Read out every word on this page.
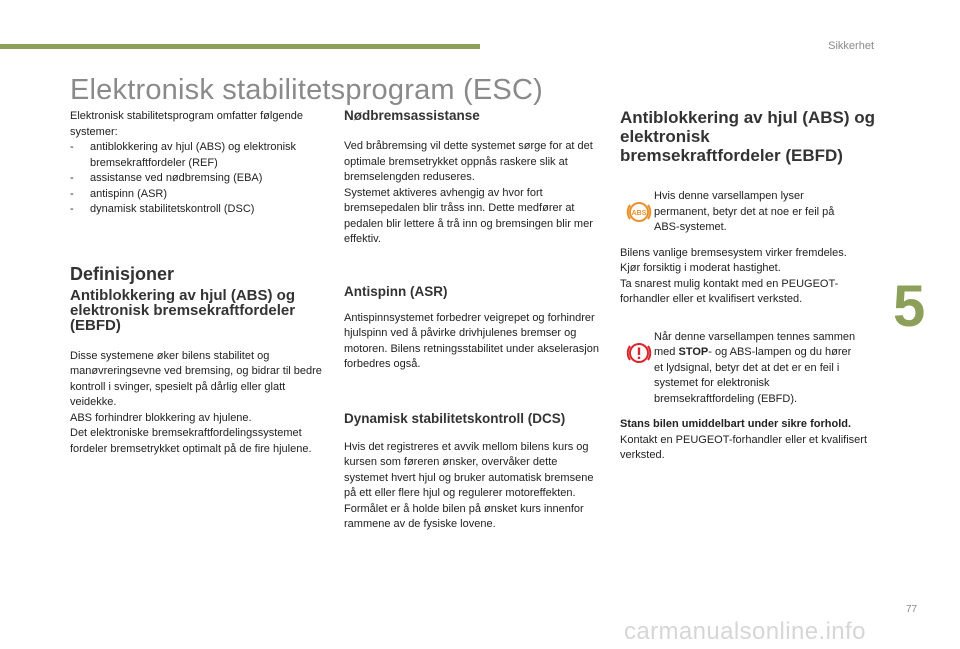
Sikkerhet
5
Elektronisk stabilitetsprogram (ESC)

Elektronisk stabilitetsprogram omfatter følgende systemer:

- antiblokkering av hjul (ABS) og elektronisk bremsekraftfordeler (REF)
- assistanse ved nødbremsing (EBA)
- antispinn (ASR)
- dynamisk stabilitetskontroll (DSC)
Definisjoner
Antiblokkering av hjul (ABS) og elektronisk bremsekraftfordeler (EBFD)

Disse systemene øker bilens stabilitet og manøvreringsevne ved bremsing, og bidrar til bedre kontroll i svinger, spesielt på dårlig eller glatt veidekke.

ABS forhindrer blokkering av hjulene.

Det elektroniske bremsekraftfordelingssystemet fordeler bremsetrykket optimalt på de fire hjulene.

Nødbremsassistanse

Ved bråbremsing vil dette systemet sørge for at det optimale bremsetrykket oppnås raskere slik at bremselengden reduseres.

Systemet aktiveres avhengig av hvor fort bremsepedalen blir tråss inn. Dette medfører at pedalen blir lettere å trå inn og bremsingen blir mer effektiv.

Antispinn (ASR)

Antispinnsystemet forbedrer veigrepet og forhindrer hjulspinn ved å påvirke drivhjulenes bremser og motoren. Bilens retningsstabilitet under akselerasjon forbedres også.

Dynamisk stabilitetskontroll (DCS)

Hvis det registreres et avvik mellom bilens kurs og kursen som føreren ønsker, overvåker dette systemet hvert hjul og bruker automatisk bremsene på ett eller flere hjul og regulerer motoreffekten. Formålet er å holde bilen på ønsket kurs innenfor rammene av de fysiske lovene.

Antiblokkering av hjul (ABS) og elektronisk bremsekraftfordeler (EBFD)
ABS

Hvis denne varsellampen lyser permanent, betyr det at noe er feil på ABS-systemet.

Bilens vanlige bremsesystem virker fremdeles.

Kjør forsiktig i moderat hastighet.

Ta snarest mulig kontakt med en PEUGEOT-forhandler eller et kvalifisert verksted.

Når denne varsellampen tennes sammen med STOP- og ABS-lampen og du hører et lydsignal, betyr det at det er en feil i systemet for elektronisk bremsekraftfordeling (EBFD).

Stans bilen umiddelbart under sikre forhold.

Kontakt en PEUGEOT-forhandler eller et kvalifisert verksted.

77
carmanualsonline.info
